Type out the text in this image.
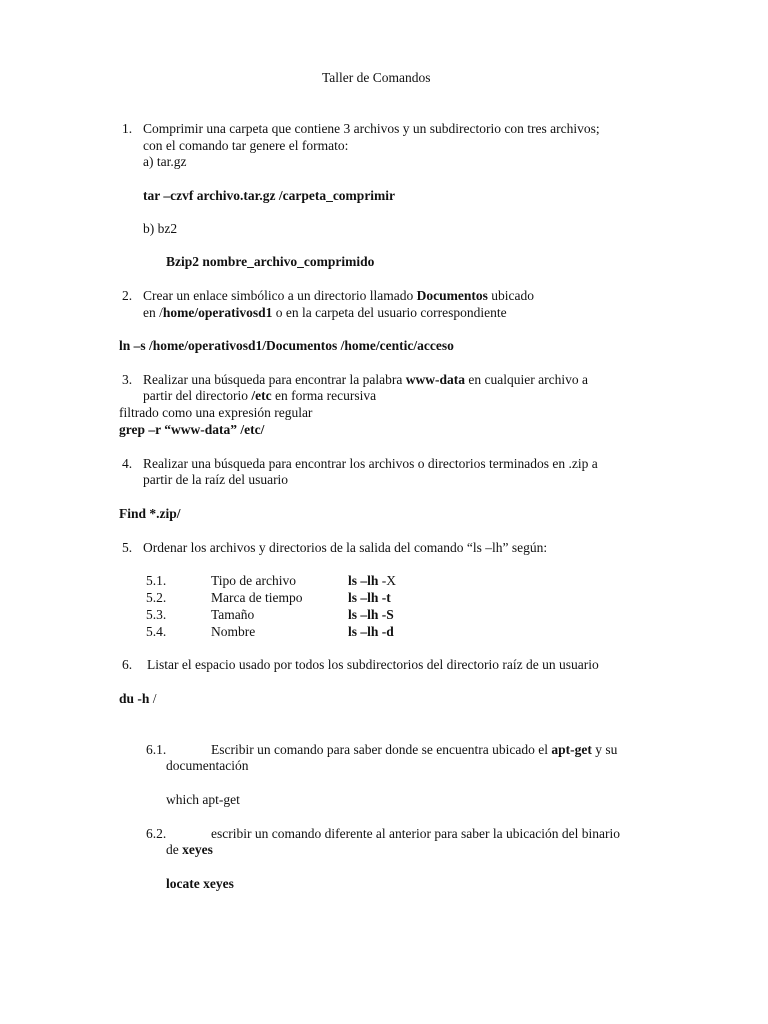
Taller de Comandos
1. Comprimir una carpeta que contiene 3 archivos y un subdirectorio con tres archivos;
con el comando tar genere el formato:
a) tar.gz
tar –czvf archivo.tar.gz /carpeta_comprimir
b) bz2
Bzip2 nombre_archivo_comprimido
2. Crear un enlace simbólico a un directorio llamado Documentos ubicado
en /home/operativosd1 o en la carpeta del usuario correspondiente
ln –s /home/operativosd1/Documentos /home/centic/acceso
3. Realizar una búsqueda para encontrar la palabra www-data en cualquier archivo a
partir del directorio /etc en forma recursiva
filtrado como una expresión regular
grep –r “www-data” /etc/
4. Realizar una búsqueda para encontrar los archivos o directorios terminados en .zip a
partir de la raíz del usuario
Find *.zip/
5. Ordenar los archivos y directorios de la salida del comando “ls –lh” según:
5.1.	Tipo de archivo	ls –lh -X
5.2.	Marca de tiempo	ls –lh -t
5.3.	Tamaño	ls –lh -S
5.4.	Nombre	ls –lh -d
6. Listar el espacio usado por todos los subdirectorios del directorio raíz de un usuario
du -h /
6.1.	Escribir un comando para saber donde se encuentra ubicado el apt-get y su
documentación
which apt-get
6.2.	escribir un comando diferente al anterior para saber la ubicación del binario
de xeyes
locate xeyes
